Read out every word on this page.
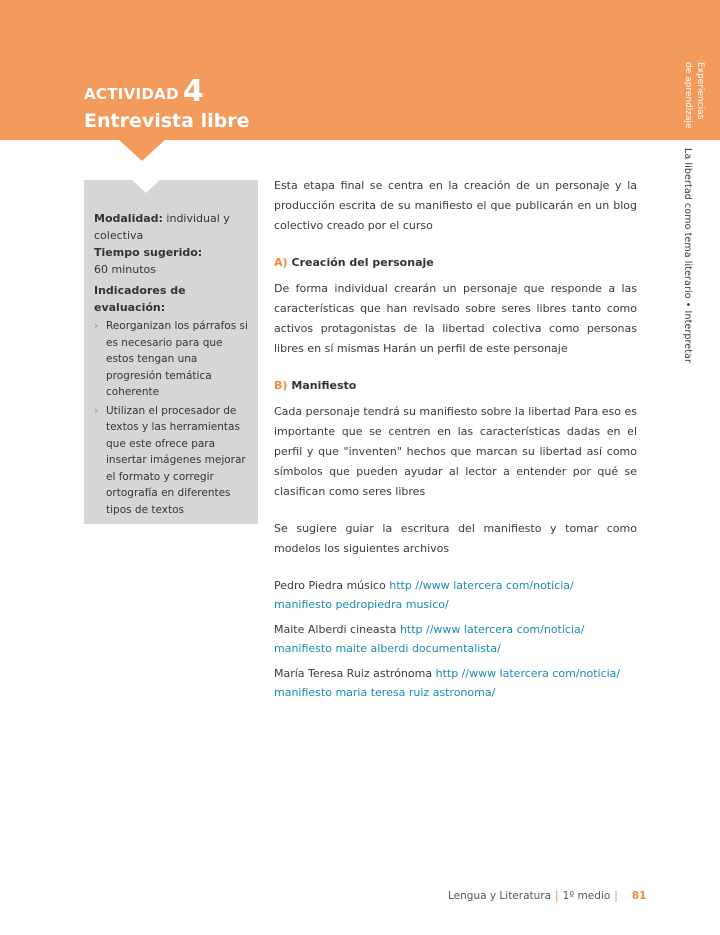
ACTIVIDAD 4
Entrevista libre
Experiencias
de aprendizaje
La libertad como tema literario • Interpretar
Modalidad: individual y colectiva
Tiempo sugerido:
60 minutos
Indicadores de evaluación:
› Reorganizan los párrafos si es necesario para que estos tengan una progresión temática coherente
› Utilizan el procesador de textos y las herramientas que este ofrece para insertar imágenes mejorar el formato y corregir ortografía en diferentes tipos de textos

Esta etapa final se centra en la creación de un personaje y la producción escrita de su manifiesto el que publicarán en un blog colectivo creado por el curso

A) Creación del personaje

De forma individual crearán un personaje que responde a las características que han revisado sobre seres libres tanto como activos protagonistas de la libertad colectiva como personas libres en sí mismas Harán un perfil de este personaje

B) Manifiesto

Cada personaje tendrá su manifiesto sobre la libertad Para eso es importante que se centren en las características dadas en el perfil y que "inventen" hechos que marcan su libertad así como símbolos que pueden ayudar al lector a entender por qué se clasifican como seres libres

Se sugiere guiar la escritura del manifiesto y tomar como modelos los siguientes archivos

Pedro Piedra músico http //www latercera com/noticia/
manifiesto pedropiedra musico/

Maite Alberdi cineasta http //www latercera com/noticia/
manifiesto maite alberdi documentalista/

María Teresa Ruiz astrónoma http //www latercera com/noticia/
manifiesto maria teresa ruiz astronoma/

Lengua y Literatura | 1º medio | 81
